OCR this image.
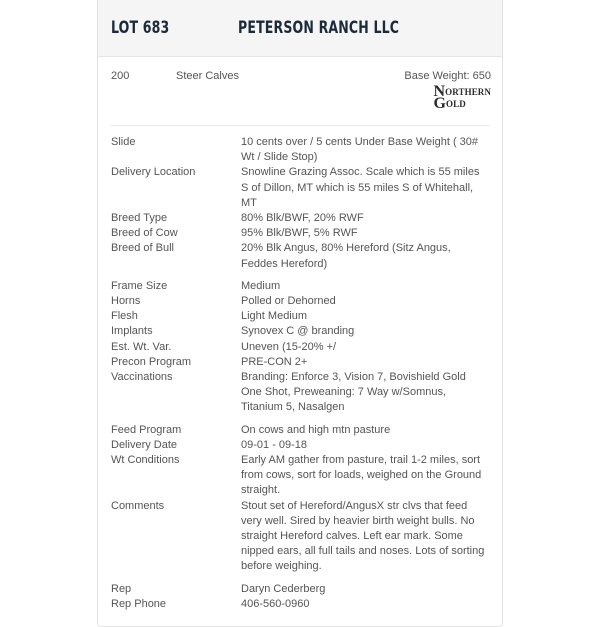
LOT 683	PETERSON RANCH LLC
200	Steer Calves	Base Weight: 650
N ORTHERN
G OLD
Slide	10 cents over / 5 cents Under Base Weight ( 30# Wt / Slide Stop)
Delivery Location	Snowline Grazing Assoc. Scale which is 55 miles S of Dillon, MT which is 55 miles S of Whitehall, MT
Breed Type	80% Blk/BWF, 20% RWF
Breed of Cow	95% Blk/BWF, 5% RWF
Breed of Bull	20% Blk Angus, 80% Hereford (Sitz Angus, Feddes Hereford)
Frame Size	Medium
Horns	Polled or Dehorned
Flesh	Light Medium
Implants	Synovex C @ branding
Est. Wt. Var.	Uneven (15-20% +/
Precon Program	PRE-CON 2+
Vaccinations	Branding: Enforce 3, Vision 7, Bovishield Gold One Shot, Preweaning: 7 Way w/Somnus, Titanium 5, Nasalgen
Feed Program	On cows and high mtn pasture
Delivery Date	09-01 - 09-18
Wt Conditions	Early AM gather from pasture, trail 1-2 miles, sort from cows, sort for loads, weighed on the Ground straight.
Comments	Stout set of Hereford/AngusX str clvs that feed very well. Sired by heavier birth weight bulls. No straight Hereford calves. Left ear mark. Some nipped ears, all full tails and noses. Lots of sorting before weighing.
Rep	Daryn Cederberg
Rep Phone	406-560-0960
